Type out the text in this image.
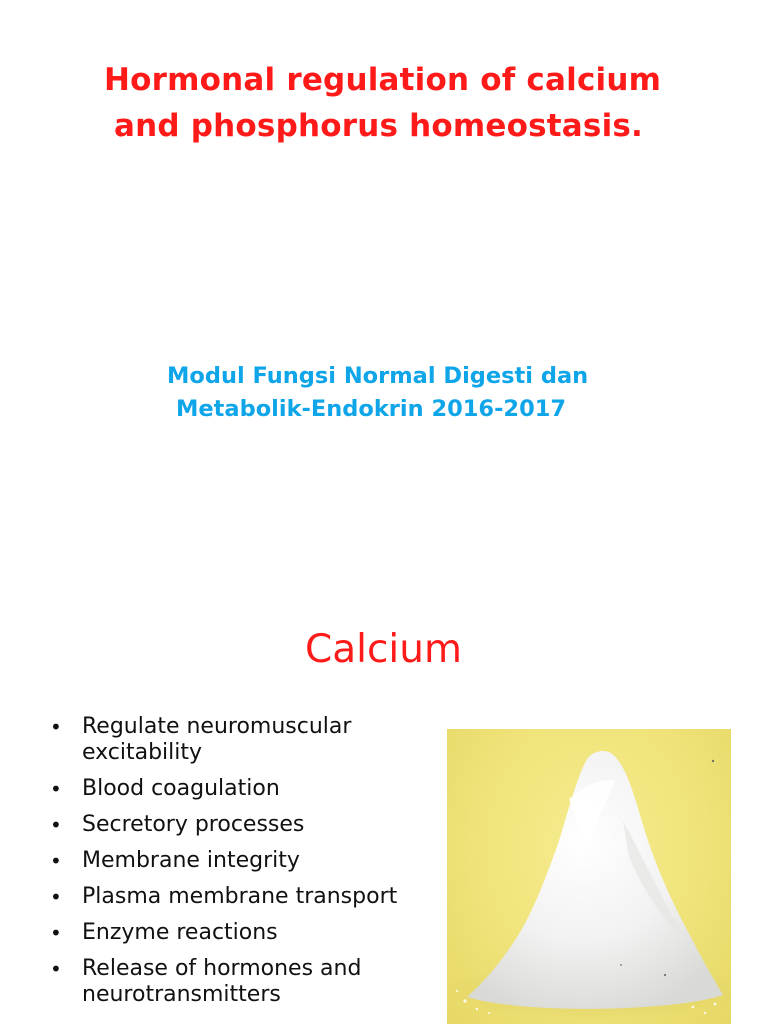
Hormonal regulation of calcium
and phosphorus homeostasis.
Modul Fungsi Normal Digesti dan
Metabolik-Endokrin 2016-2017
Calcium
• Regulate neuromuscular
excitability
• Blood coagulation
• Secretory processes
• Membrane integrity
• Plasma membrane transport
• Enzyme reactions
• Release of hormones and
neurotransmitters
